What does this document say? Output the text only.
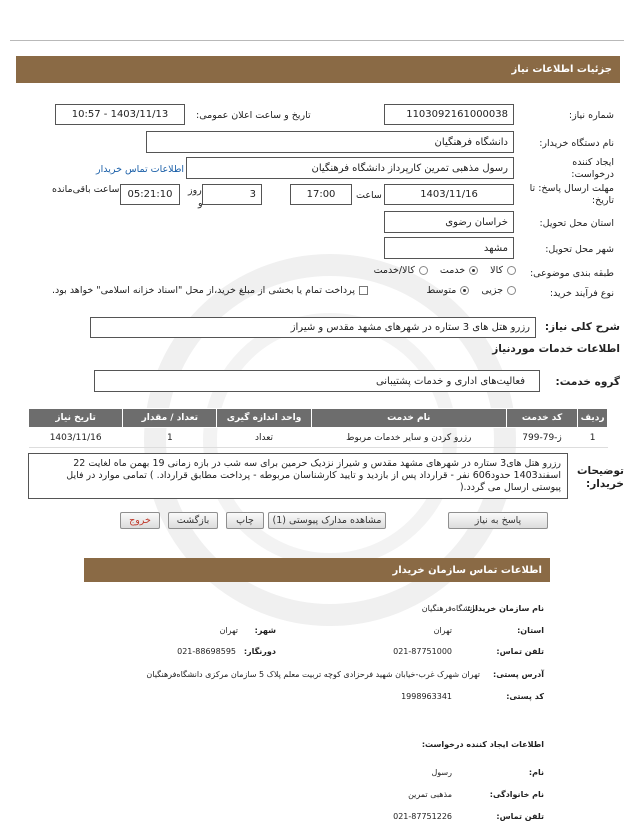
جزئیات اطلاعات نیاز
شماره نیاز:
1103092161000038
تاریخ و ساعت اعلان عمومی:
1403/11/13 - 10:57
نام دستگاه خریدار:
دانشگاه فرهنگیان
ایجاد کننده درخواست:
رسول مذهبی تمرین کارپرداز دانشگاه فرهنگیان
اطلاعات تماس خریدار
مهلت ارسال پاسخ: تا تاریخ:
1403/11/16
ساعت
17:00
3
روز
و
05:21:10
ساعت باقی‌مانده
استان محل تحویل:
خراسان رضوی
شهر محل تحویل:
مشهد
طبقه بندی موضوعی:
کالا
خدمت
کالا/خدمت
نوع فرآیند خرید:
جزیی
متوسط
پرداخت تمام یا بخشی از مبلغ خرید،از محل "اسناد خزانه اسلامی" خواهد بود.
شرح کلی نیاز:
رزرو هتل های 3 ستاره در شهرهای مشهد مقدس و شیراز
اطلاعات خدمات موردنیاز
گروه خدمت:
فعالیت‌های اداری و خدمات پشتیبانی
ردیف	کد خدمت	نام خدمت	واحد اندازه گیری	تعداد / مقدار	تاریخ نیاز
1	ز-79-799	رزرو کردن و سایر خدمات مربوط	تعداد	1	1403/11/16
توضیحات خریدار:
رزرو هتل های3 ستاره در شهرهای مشهد مقدس و شیراز نزدیک حرمین برای سه شب در بازه زمانی 19 بهمن ماه لغایت 22 اسفند1403 حدود606 نفر - قرارداد پس از بازدید و تایید کارشناسان مربوطه - پرداخت مطابق قرارداد. ) تمامی موارد در فایل پیوستی ارسال می گردد.(
پاسخ به نیاز
مشاهده مدارک پیوستی (1)
چاپ
بازگشت
خروج
اطلاعات تماس سازمان خریدار
نام سازمان خریدار:
دانشگاه‌فرهنگیان
استان:
تهران
شهر:
تهران
تلفن تماس:
021-87751000
دورنگار:
021-88698595
آدرس پستی:
تهران شهرک غرب-خیابان شهید فرحزادی کوچه تربیت معلم پلاک 5 سازمان مرکزی دانشگاه‌فرهنگیان
کد پستی:
1998963341
اطلاعات ایجاد کننده درخواست:
نام:
رسول
نام خانوادگی:
مذهبی تمرین
تلفن تماس:
021-87751226
